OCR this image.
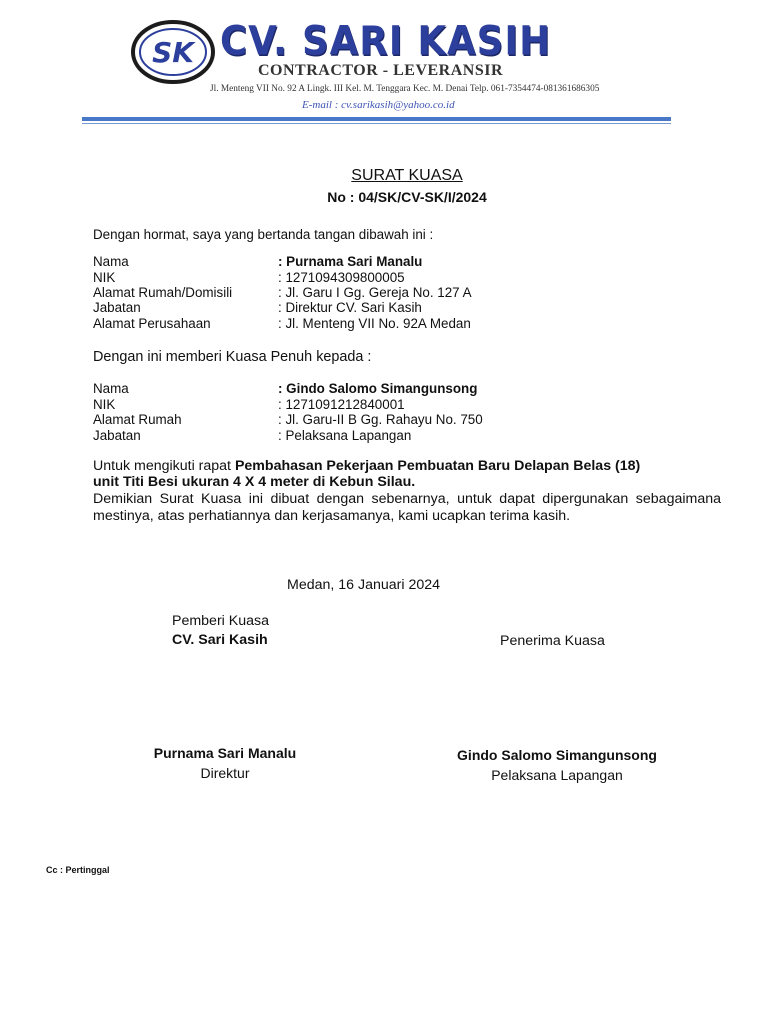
SK CV. SARI KASIH
CONTRACTOR - LEVERANSIR
Jl. Menteng VII No. 92 A Lingk. III Kel. M. Tenggara Kec. M. Denai Telp. 061-7354474-081361686305
E-mail : cv.sarikasih@yahoo.co.id
SURAT KUASA
No : 04/SK/CV-SK/I/2024
Dengan hormat, saya yang bertanda tangan dibawah ini :
Nama	: Purnama Sari Manalu
NIK	: 1271094309800005
Alamat Rumah/Domisili	: Jl. Garu I Gg. Gereja No. 127 A
Jabatan	: Direktur CV. Sari Kasih
Alamat Perusahaan	: Jl. Menteng VII No. 92A Medan
Dengan ini memberi Kuasa Penuh kepada :
Nama	: Gindo Salomo Simangunsong
NIK	: 1271091212840001
Alamat Rumah	: Jl. Garu-II B Gg. Rahayu No. 750
Jabatan	: Pelaksana Lapangan
Untuk mengikuti rapat Pembahasan Pekerjaan Pembuatan Baru Delapan Belas (18)
unit Titi Besi ukuran 4 X 4 meter di Kebun Silau.
Demikian Surat Kuasa ini dibuat dengan sebenarnya, untuk dapat dipergunakan sebagaimana mestinya, atas perhatiannya dan kerjasamanya, kami ucapkan terima kasih.
Medan, 16 Januari 2024
Pemberi Kuasa
CV. Sari Kasih	Penerima Kuasa
Purnama Sari Manalu
Direktur
Gindo Salomo Simangunsong
Pelaksana Lapangan
Cc : Pertinggal
